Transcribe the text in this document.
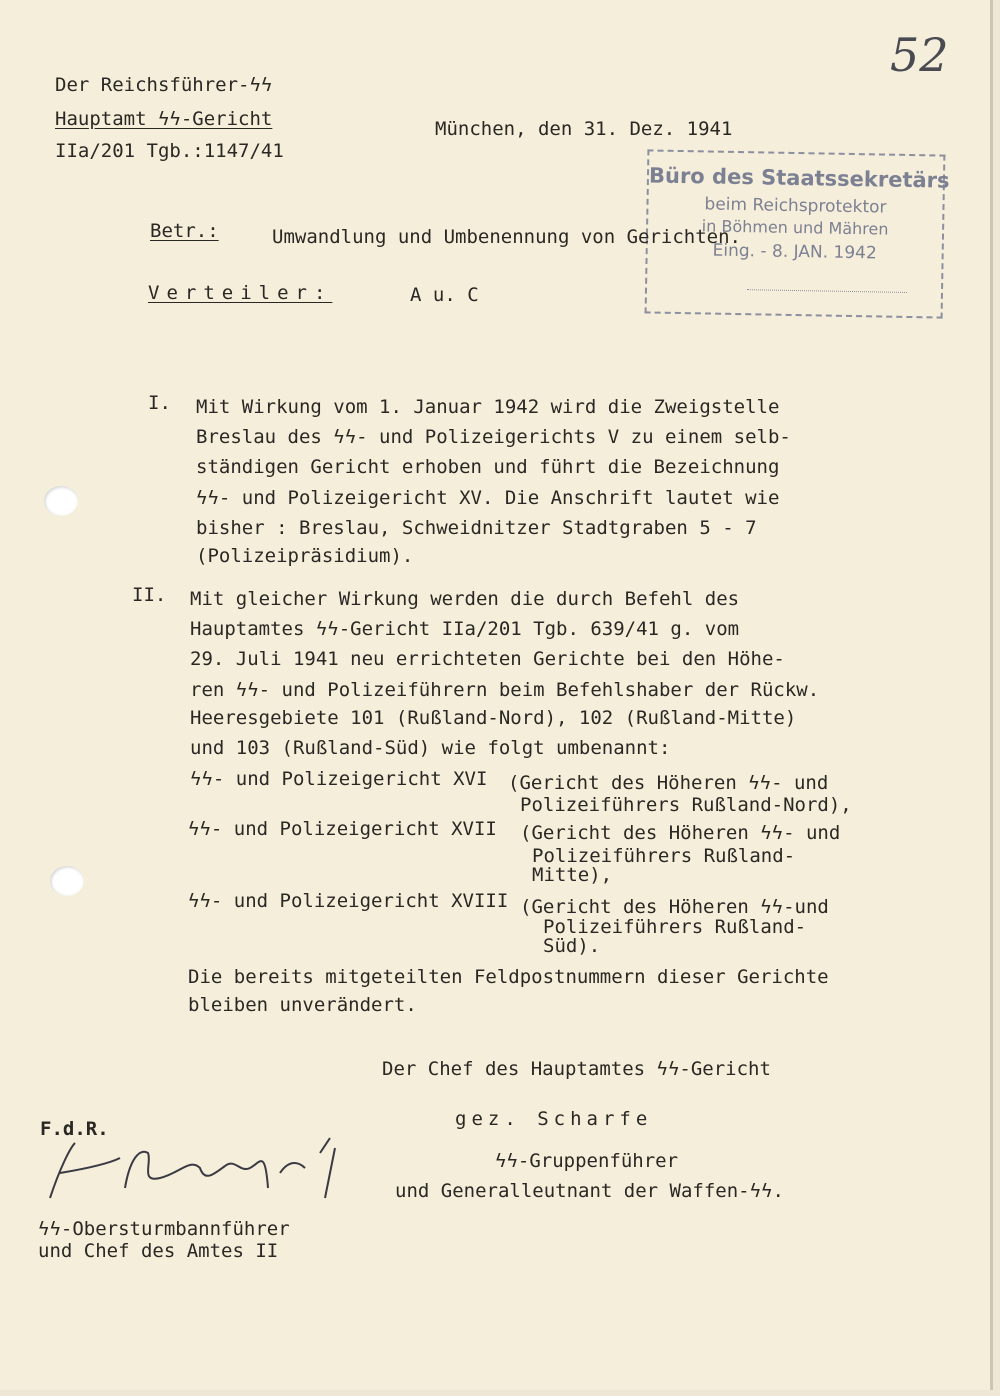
52
Der Reichsführer-ϟϟ
Hauptamt ϟϟ-Gericht
IIa/201 Tgb.:1147/41
München, den 31. Dez. 1941
Büro des Staatssekretärs
beim Reichsprotektor
in Böhmen und Mähren
Eing. - 8. JAN. 1942
Betr.:	Umwandlung und Umbenennung von Gerichten.
Verteiler:	A u. C
I. Mit Wirkung vom 1. Januar 1942 wird die Zweigstelle
Breslau des ϟϟ- und Polizeigerichts V zu einem selb-
ständigen Gericht erhoben und führt die Bezeichnung
ϟϟ- und Polizeigericht XV. Die Anschrift lautet wie
bisher : Breslau, Schweidnitzer Stadtgraben 5 - 7
(Polizeipräsidium).
II. Mit gleicher Wirkung werden die durch Befehl des
Hauptamtes ϟϟ-Gericht IIa/201 Tgb. 639/41 g. vom
29. Juli 1941 neu errichteten Gerichte bei den Höhe-
ren ϟϟ- und Polizeiführern beim Befehlshaber der Rückw.
Heeresgebiete 101 (Rußland-Nord), 102 (Rußland-Mitte)
und 103 (Rußland-Süd) wie folgt umbenannt:
ϟϟ- und Polizeigericht XVI (Gericht des Höheren ϟϟ- und
Polizeiführers Rußland-Nord),
ϟϟ- und Polizeigericht XVII (Gericht des Höheren ϟϟ- und
Polizeiführers Rußland-
Mitte),
ϟϟ- und Polizeigericht XVIII (Gericht des Höheren ϟϟ-und
Polizeiführers Rußland-
Süd).
Die bereits mitgeteilten Feldpostnummern dieser Gerichte
bleiben unverändert.
Der Chef des Hauptamtes ϟϟ-Gericht
gez. Scharfe
ϟϟ-Gruppenführer
und Generalleutnant der Waffen-ϟϟ.
F.d.R.
ϟϟ-Obersturmbannführer
und Chef des Amtes II
